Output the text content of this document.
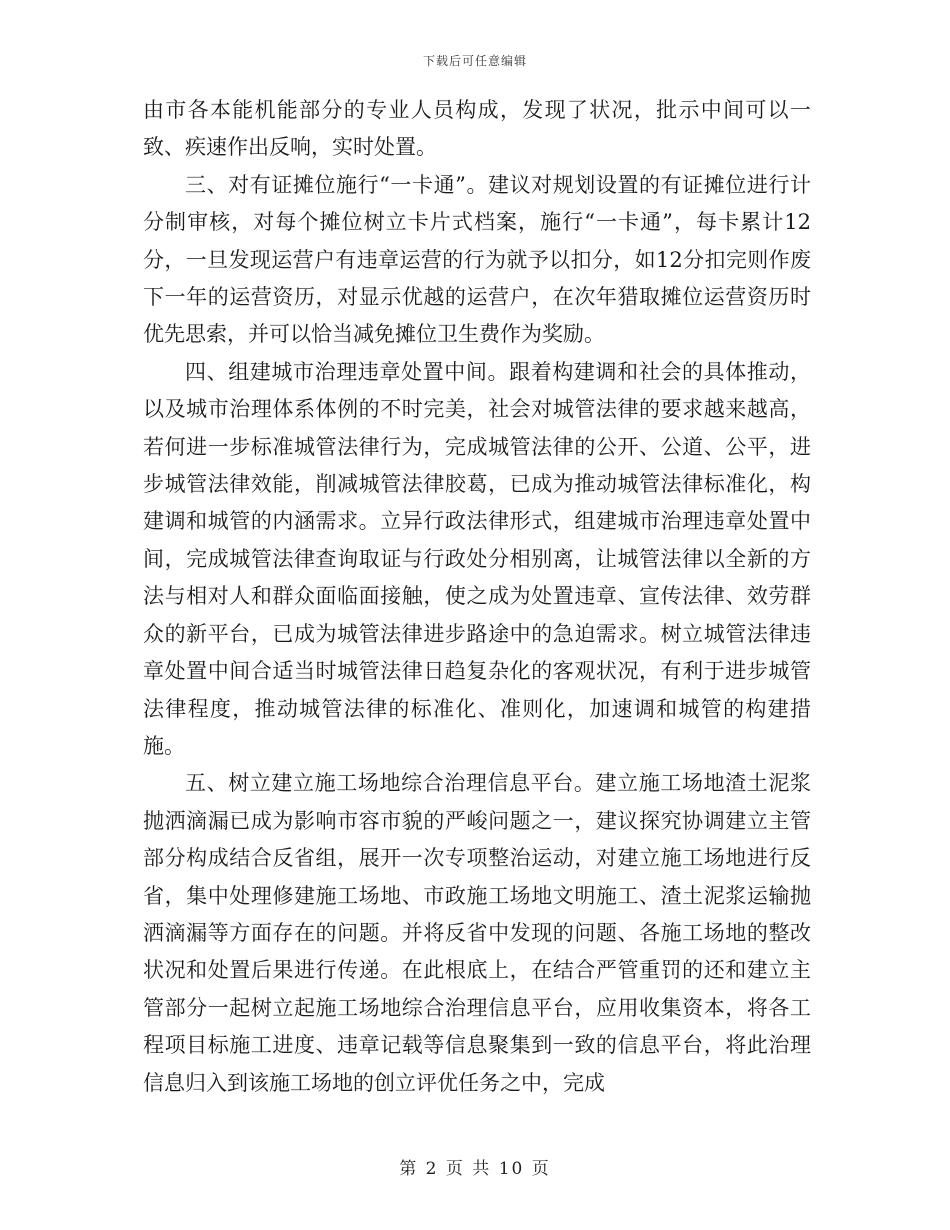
下载后可任意编辑

由市各本能机能部分的专业人员构成，发现了状况，批示中间可以一致、疾速作出反响，实时处置。

三、对有证摊位施行“一卡通”。建议对规划设置的有证摊位进行计分制审核，对每个摊位树立卡片式档案，施行“一卡通”，每卡累计12分，一旦发现运营户有违章运营的行为就予以扣分，如12分扣完则作废下一年的运营资历，对显示优越的运营户，在次年猎取摊位运营资历时优先思索，并可以恰当减免摊位卫生费作为奖励。

四、组建城市治理违章处置中间。跟着构建调和社会的具体推动，以及城市治理体系体例的不时完美，社会对城管法律的要求越来越高，若何进一步标准城管法律行为，完成城管法律的公开、公道、公平，进步城管法律效能，削减城管法律胶葛，已成为推动城管法律标准化，构建调和城管的内涵需求。立异行政法律形式，组建城市治理违章处置中间，完成城管法律查询取证与行政处分相别离，让城管法律以全新的方法与相对人和群众面临面接触，使之成为处置违章、宣传法律、效劳群众的新平台，已成为城管法律进步路途中的急迫需求。树立城管法律违章处置中间合适当时城管法律日趋复杂化的客观状况，有利于进步城管法律程度，推动城管法律的标准化、准则化，加速调和城管的构建措施。

五、树立建立施工场地综合治理信息平台。建立施工场地渣土泥浆抛洒滴漏已成为影响市容市貌的严峻问题之一，建议探究协调建立主管部分构成结合反省组，展开一次专项整治运动，对建立施工场地进行反省，集中处理修建施工场地、市政施工场地文明施工、渣土泥浆运输抛洒滴漏等方面存在的问题。并将反省中发现的问题、各施工场地的整改状况和处置后果进行传递。在此根底上，在结合严管重罚的还和建立主管部分一起树立起施工场地综合治理信息平台，应用收集资本，将各工程项目标施工进度、违章记载等信息聚集到一致的信息平台，将此治理信息归入到该施工场地的创立评优任务之中，完成

第 2 页 共 10 页
